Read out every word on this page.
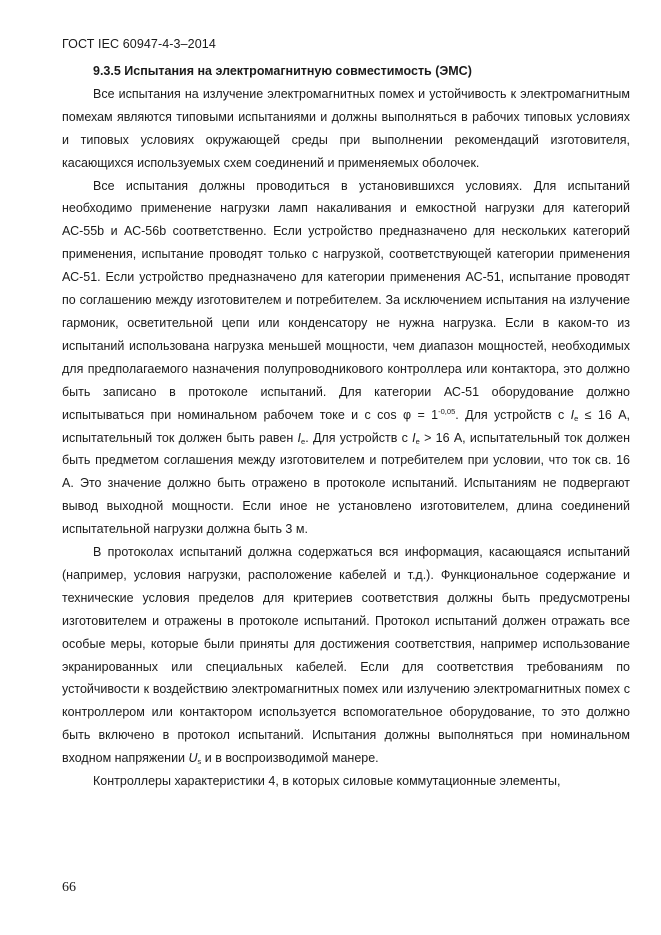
ГОСТ IEC 60947-4-3–2014

9.3.5 Испытания на электромагнитную совместимость (ЭМС)

Все испытания на излучение электромагнитных помех и устойчивость к электромагнитным помехам являются типовыми испытаниями и должны выполняться в рабочих типовых условиях и типовых условиях окружающей среды при выполнении рекомендаций изготовителя, касающихся используемых схем соединений и применяемых оболочек.

Все испытания должны проводиться в установившихся условиях. Для испытаний необходимо применение нагрузки ламп накаливания и емкостной нагрузки для категорий АС-55b и АС-56b соответственно. Если устройство предназначено для нескольких категорий применения, испытание проводят только с нагрузкой, соответствующей категории применения АС-51. Если устройство предназначено для категории применения АС-51, испытание проводят по соглашению между изготовителем и потребителем. За исключением испытания на излучение гармоник, осветительной цепи или конденсатору не нужна нагрузка. Если в каком-то из испытаний использована нагрузка меньшей мощности, чем диапазон мощностей, необходимых для предполагаемого назначения полупроводникового контроллера или контактора, это должно быть записано в протоколе испытаний. Для категории АС-51 оборудование должно испытываться при номинальном рабочем токе и с $\cos \varphi = 1^{-0,05}$. Для устройств с $I_e \le 16$ А, испытательный ток должен быть равен $I_e$. Для устройств с $I_e > 16$ А, испытательный ток должен быть предметом соглашения между изготовителем и потребителем при условии, что ток св. 16 А. Это значение должно быть отражено в протоколе испытаний. Испытаниям не подвергают вывод выходной мощности. Если иное не установлено изготовителем, длина соединений испытательной нагрузки должна быть 3 м.

В протоколах испытаний должна содержаться вся информация, касающаяся испытаний (например, условия нагрузки, расположение кабелей и т.д.). Функциональное содержание и технические условия пределов для критериев соответствия должны быть предусмотрены изготовителем и отражены в протоколе испытаний. Протокол испытаний должен отражать все особые меры, которые были приняты для достижения соответствия, например использование экранированных или специальных кабелей. Если для соответствия требованиям по устойчивости к воздействию электромагнитных помех или излучению электромагнитных помех с контроллером или контактором используется вспомогательное оборудование, то это должно быть включено в протокол испытаний. Испытания должны выполняться при номинальном входном напряжении $U_s$ и в воспроизводимой манере.

Контроллеры характеристики 4, в которых силовые коммутационные элементы,

66
